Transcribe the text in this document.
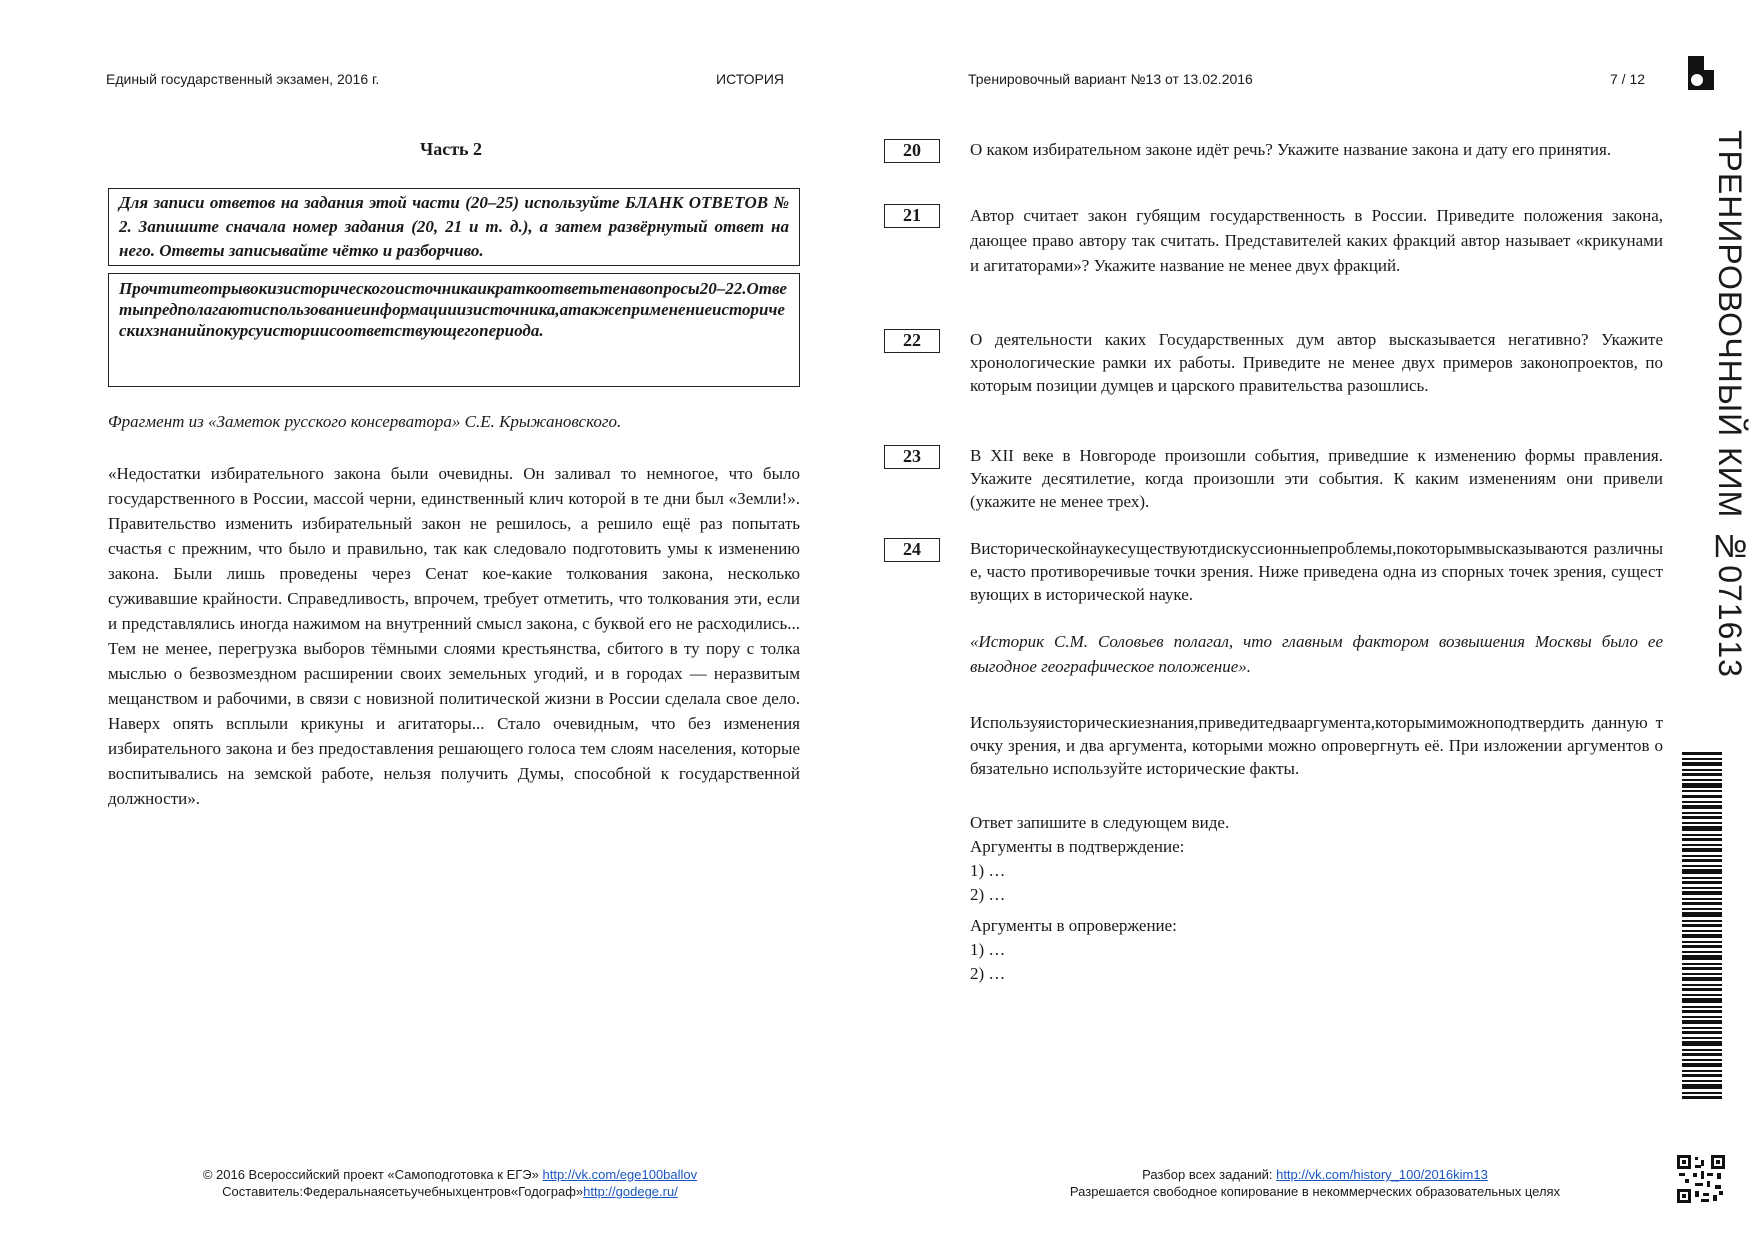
Единый государственный экзамен, 2016 г.	ИСТОРИЯ	Тренировочный вариант №13 от 13.02.2016	7 / 12
Часть 2
Для записи ответов на задания этой части (20–25) используйте БЛАНК ОТВЕТОВ № 2. Запишите сначала номер задания (20, 21 и т. д.), а затем развёрнутый ответ на него. Ответы записывайте чётко и разборчиво.
Прочтитеотрывокизисторическогоисточникаикраткоответьтенавопросы20–22.Ответыпредполагаютиспользованиеинформацииизисточника,атакжеприменениеисторическихзнанийпокурсуисториисоответствующегопериода.
Фрагмент из «Заметок русского консерватора» С.Е. Крыжановского.
«Недостатки избирательного закона были очевидны. Он заливал то немногое, что было государственного в России, массой черни, единственный клич которой в те дни был «Земли!». Правительство изменить избирательный закон не решилось, а решило ещё раз попытать счастья с прежним, что было и правильно, так как следовало подготовить умы к изменению закона. Были лишь проведены через Сенат кое-какие толкования закона, несколько суживавшие крайности. Справедливость, впрочем, требует отметить, что толкования эти, если и представлялись иногда нажимом на внутренний смысл закона, с буквой его не расходились... Тем не менее, перегрузка выборов тёмными слоями крестьянства, сбитого в ту пору с толка мыслью о безвозмездном расширении своих земельных угодий, и в городах — неразвитым мещанством и рабочими, в связи с новизной политической жизни в России сделала свое дело. Наверх опять всплыли крикуны и агитаторы... Стало очевидным, что без изменения избирательного закона и без предоставления решающего голоса тем слоям населения, которые воспитывались на земской работе, нельзя получить Думы, способной к государственной должности».
20	О каком избирательном законе идёт речь? Укажите название закона и дату его принятия.
21	Автор считает закон губящим государственность в России. Приведите положения закона, дающее право автору так считать. Представителей каких фракций автор называет «крикунами и агитаторами»? Укажите название не менее двух фракций.
22	О деятельности каких Государственных дум автор высказывается негативно? Укажите хронологические рамки их работы. Приведите не менее двух примеров законопроектов, по которым позиции думцев и царского правительства разошлись.
23	В XII веке в Новгороде произошли события, приведшие к изменению формы правления. Укажите десятилетие, когда произошли эти события. К каким изменениям они привели (укажите не менее трех).
24	Висторическойнаукесуществуютдискуссионныепроблемы,покоторымвысказываются различные, часто противоречивые точки зрения. Ниже приведена одна из спорных точек зрения, существующих в исторической науке.
«Историк С.М. Соловьев полагал, что главным фактором возвышения Москвы было ее выгодное географическое положение».
Используяисторическиезнания,приведитедвааргумента,которымиможноподтвердить данную точку зрения, и два аргумента, которыми можно опровергнуть её. При изложении аргументов обязательно используйте исторические факты.
Ответ запишите в следующем виде.
Аргументы в подтверждение:
1) …
2) …
Аргументы в опровержение:
1) …
2) …
ТРЕНИРОВОЧНЫЙ КИМ №071613
© 2016 Всероссийский проект «Самоподготовка к ЕГЭ» http://vk.com/ege100ballov
Составитель:Федеральнаясетьучебныхцентров«Годограф»http://godege.ru/
Разбор всех заданий: http://vk.com/history_100/2016kim13
Разрешается свободное копирование в некоммерческих образовательных целях
